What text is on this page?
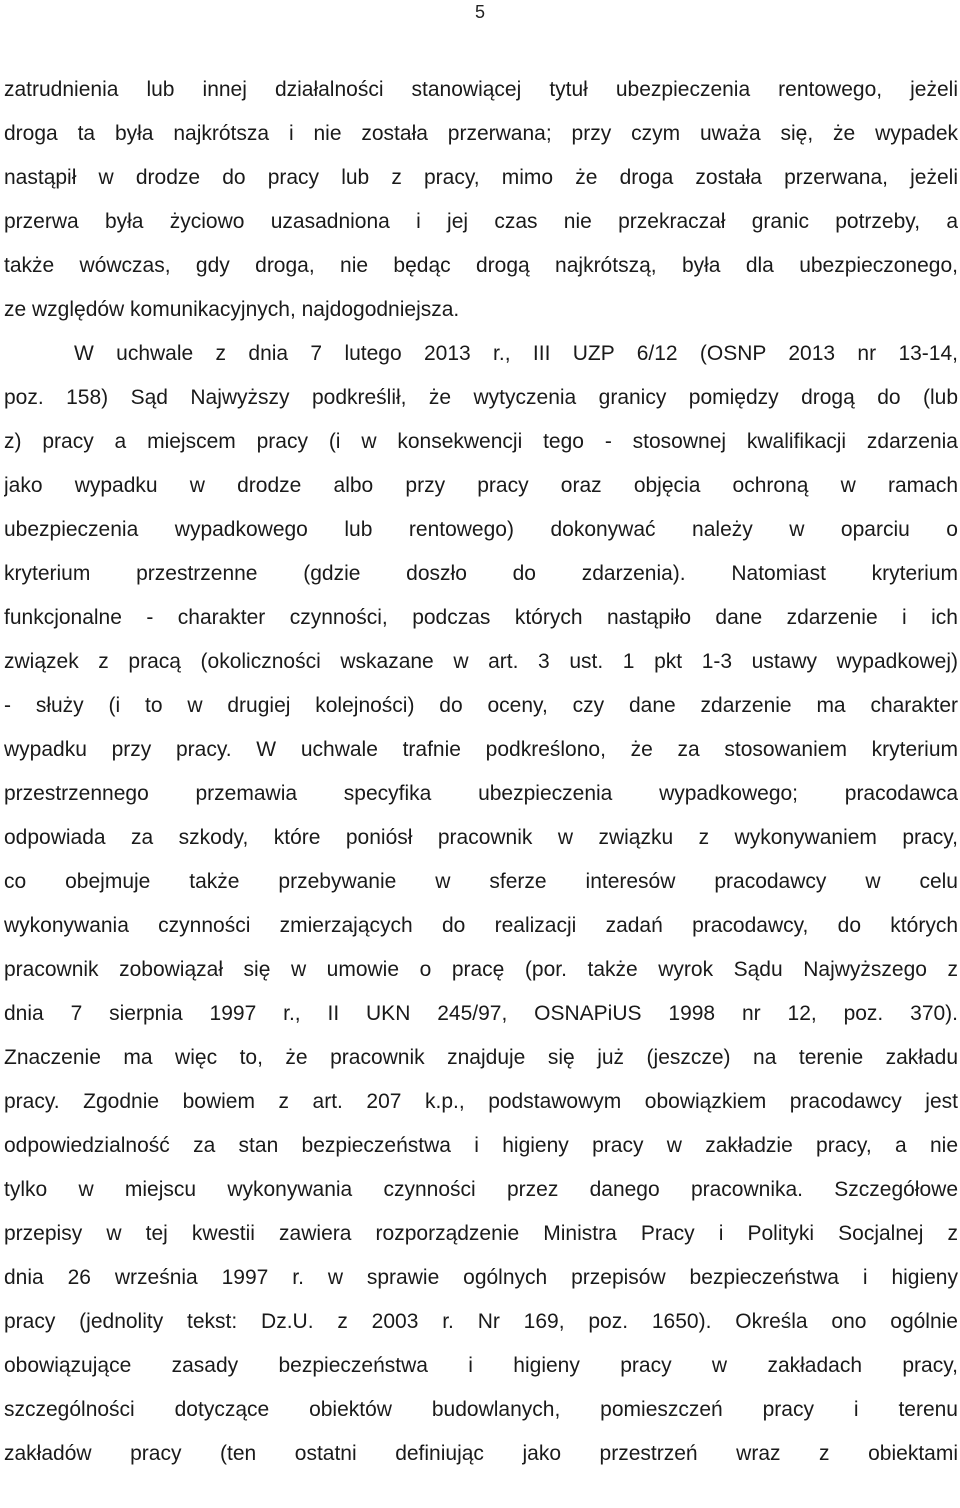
5
zatrudnienia lub innej działalności stanowiącej tytuł ubezpieczenia rentowego, jeżeli
droga ta była najkrótsza i nie została przerwana; przy czym uważa się, że wypadek
nastąpił w drodze do pracy lub z pracy, mimo że droga została przerwana, jeżeli
przerwa była życiowo uzasadniona i jej czas nie przekraczał granic potrzeby, a
także wówczas, gdy droga, nie będąc drogą najkrótszą, była dla ubezpieczonego,
ze względów komunikacyjnych, najdogodniejsza.
W uchwale z dnia 7 lutego 2013 r., III UZP 6/12 (OSNP 2013 nr 13-14,
poz. 158) Sąd Najwyższy podkreślił, że wytyczenia granicy pomiędzy drogą do (lub
z) pracy a miejscem pracy (i w konsekwencji tego - stosownej kwalifikacji zdarzenia
jako wypadku w drodze albo przy pracy oraz objęcia ochroną w ramach
ubezpieczenia wypadkowego lub rentowego) dokonywać należy w oparciu o
kryterium przestrzenne (gdzie doszło do zdarzenia). Natomiast kryterium
funkcjonalne - charakter czynności, podczas których nastąpiło dane zdarzenie i ich
związek z pracą (okoliczności wskazane w art. 3 ust. 1 pkt 1-3 ustawy wypadkowej)
- służy (i to w drugiej kolejności) do oceny, czy dane zdarzenie ma charakter
wypadku przy pracy. W uchwale trafnie podkreślono, że za stosowaniem kryterium
przestrzennego przemawia specyfika ubezpieczenia wypadkowego; pracodawca
odpowiada za szkody, które poniósł pracownik w związku z wykonywaniem pracy,
co obejmuje także przebywanie w sferze interesów pracodawcy w celu
wykonywania czynności zmierzających do realizacji zadań pracodawcy, do których
pracownik zobowiązał się w umowie o pracę (por. także wyrok Sądu Najwyższego z
dnia 7 sierpnia 1997 r., II UKN 245/97, OSNAPiUS 1998 nr 12, poz. 370).
Znaczenie ma więc to, że pracownik znajduje się już (jeszcze) na terenie zakładu
pracy. Zgodnie bowiem z art. 207 k.p., podstawowym obowiązkiem pracodawcy jest
odpowiedzialność za stan bezpieczeństwa i higieny pracy w zakładzie pracy, a nie
tylko w miejscu wykonywania czynności przez danego pracownika. Szczegółowe
przepisy w tej kwestii zawiera rozporządzenie Ministra Pracy i Polityki Socjalnej z
dnia 26 września 1997 r. w sprawie ogólnych przepisów bezpieczeństwa i higieny
pracy (jednolity tekst: Dz.U. z 2003 r. Nr 169, poz. 1650). Określa ono ogólnie
obowiązujące zasady bezpieczeństwa i higieny pracy w zakładach pracy,
szczególności dotyczące obiektów budowlanych, pomieszczeń pracy i terenu
zakładów pracy (ten ostatni definiując jako przestrzeń wraz z obiektami
